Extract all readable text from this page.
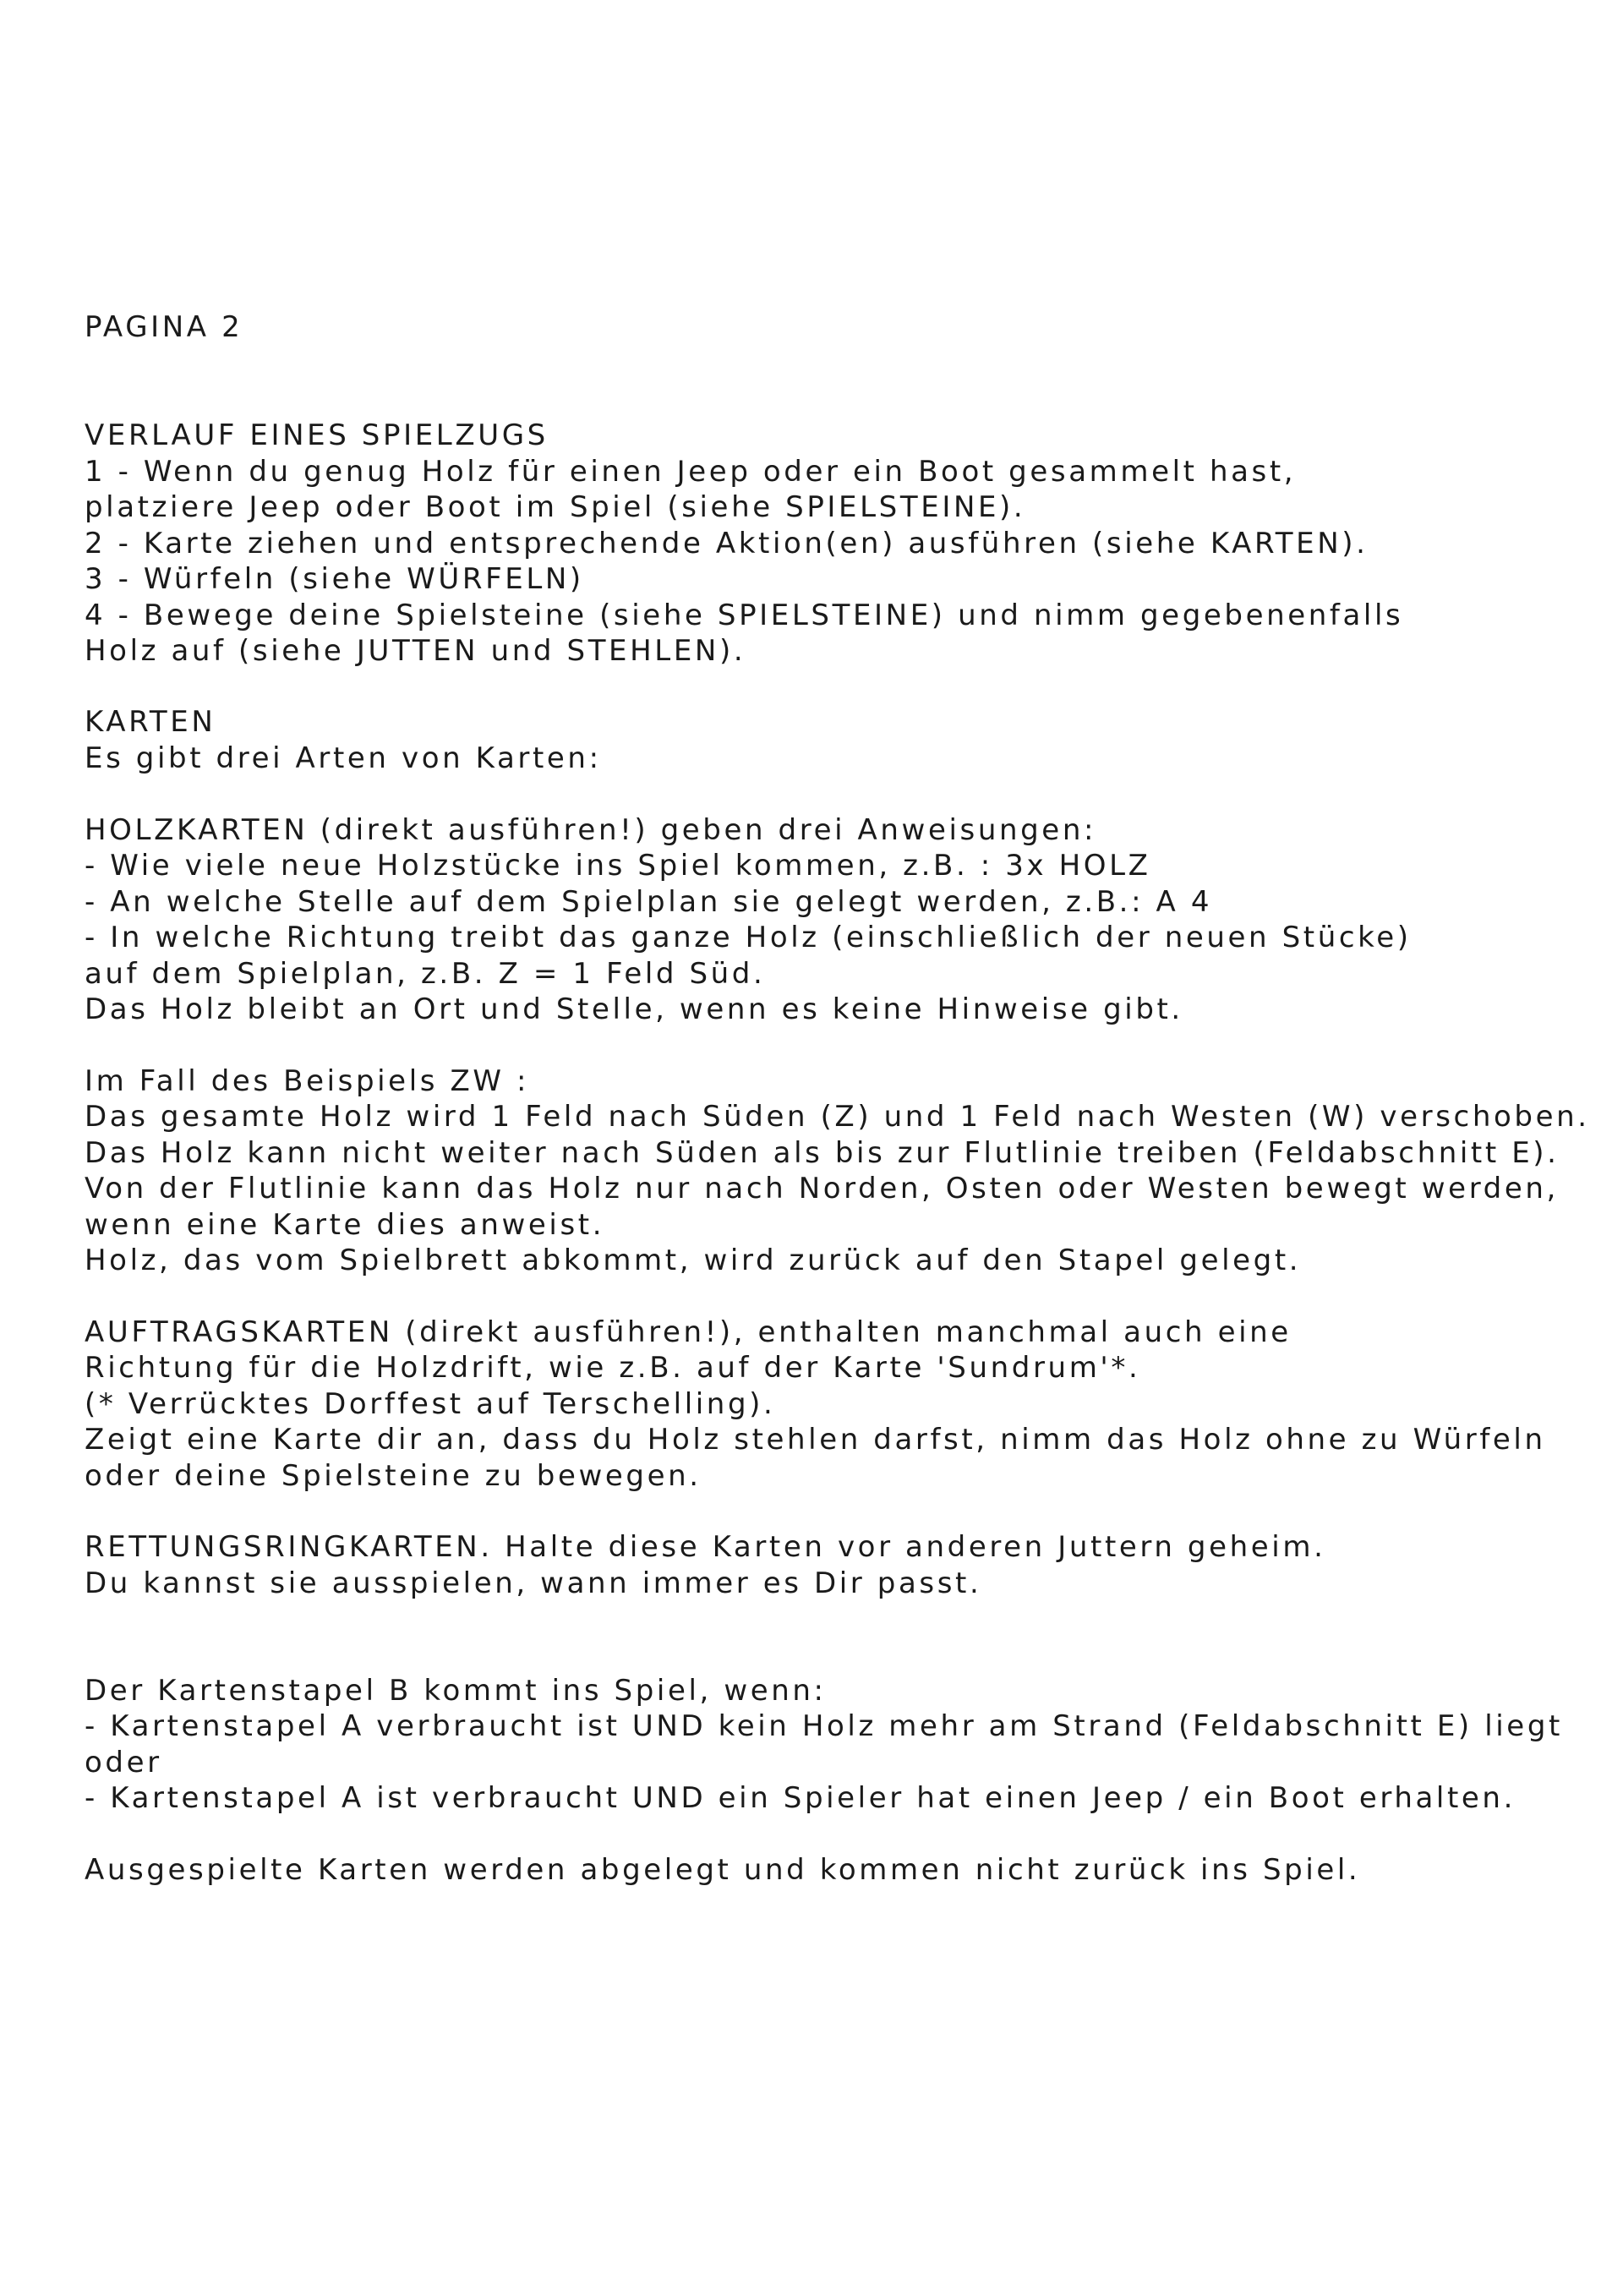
PAGINA 2
VERLAUF EINES SPIELZUGS
1 - Wenn du genug Holz für einen Jeep oder ein Boot gesammelt hast,
platziere Jeep oder Boot im Spiel (siehe SPIELSTEINE).
2 - Karte ziehen und entsprechende Aktion(en) ausführen (siehe KARTEN).
3 - Würfeln (siehe WÜRFELN)
4 - Bewege deine Spielsteine (siehe SPIELSTEINE) und nimm gegebenenfalls
Holz auf (siehe JUTTEN und STEHLEN).
KARTEN
Es gibt drei Arten von Karten:
HOLZKARTEN (direkt ausführen!) geben drei Anweisungen:
- Wie viele neue Holzstücke ins Spiel kommen, z.B. : 3x HOLZ
- An welche Stelle auf dem Spielplan sie gelegt werden, z.B.: A 4
- In welche Richtung treibt das ganze Holz (einschließlich der neuen Stücke)
auf dem Spielplan, z.B. Z = 1 Feld Süd.
Das Holz bleibt an Ort und Stelle, wenn es keine Hinweise gibt.
Im Fall des Beispiels ZW :
Das gesamte Holz wird 1 Feld nach Süden (Z) und 1 Feld nach Westen (W) verschoben.
Das Holz kann nicht weiter nach Süden als bis zur Flutlinie treiben (Feldabschnitt E).
Von der Flutlinie kann das Holz nur nach Norden, Osten oder Westen bewegt werden,
wenn eine Karte dies anweist.
Holz, das vom Spielbrett abkommt, wird zurück auf den Stapel gelegt.
AUFTRAGSKARTEN (direkt ausführen!), enthalten manchmal auch eine
Richtung für die Holzdrift, wie z.B. auf der Karte 'Sundrum'*.
(* Verrücktes Dorffest auf Terschelling).
Zeigt eine Karte dir an, dass du Holz stehlen darfst, nimm das Holz ohne zu Würfeln
oder deine Spielsteine zu bewegen.
RETTUNGSRINGKARTEN. Halte diese Karten vor anderen Juttern geheim.
Du kannst sie ausspielen, wann immer es Dir passt.
Der Kartenstapel B kommt ins Spiel, wenn:
- Kartenstapel A verbraucht ist UND kein Holz mehr am Strand (Feldabschnitt E) liegt
oder
- Kartenstapel A ist verbraucht UND ein Spieler hat einen Jeep / ein Boot erhalten.
Ausgespielte Karten werden abgelegt und kommen nicht zurück ins Spiel.
